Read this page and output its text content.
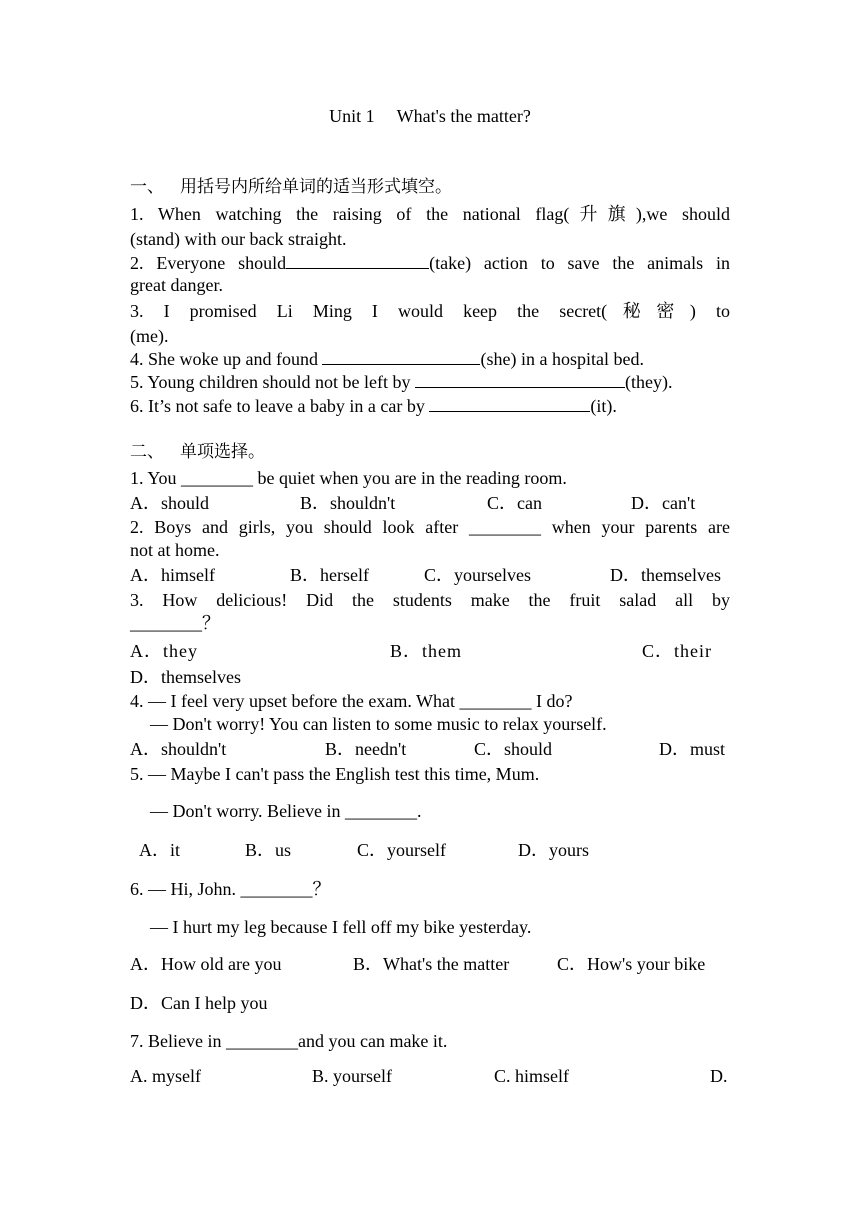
Unit 1 What's the matter?
一、 用括号内所给单词的适当形式填空。
1. When watching the raising of the national flag(升旗),we should
(stand) with our back straight.
2. Everyone should	(take) action to save the animals in
great danger.
3. I promised Li Ming I would keep the secret(秘密) to
(me).
4. She woke up and found	(she) in a hospital bed.
5. Young children should not be left by	(they).
6. It’s not safe to leave a baby in a car by	(it).
二、 单项选择。
1. You ________ be quiet when you are in the reading room.
A．should	B．shouldn't	C．can	D．can't
2. Boys and girls, you should look after ________ when your parents are
not at home.
A．himself	B．herself	C．yourselves	D．themselves
3. How delicious! Did the students make the fruit salad all by
________？
A．they	B．them	C．their
D．themselves
4. — I feel very upset before the exam. What ________ I do?
— Don't worry! You can listen to some music to relax yourself.
A．shouldn't	B．needn't	C．should	D．must
5. — Maybe I can't pass the English test this time, Mum.
— Don't worry. Believe in ________.
A．it	B．us	C．yourself	D．yours
6. — Hi, John. ________？
— I hurt my leg because I fell off my bike yesterday.
A．How old are you	B．What's the matter	C．How's your bike
D．Can I help you
7. Believe in ________and you can make it.
A. myself	B. yourself	C. himself	D.
